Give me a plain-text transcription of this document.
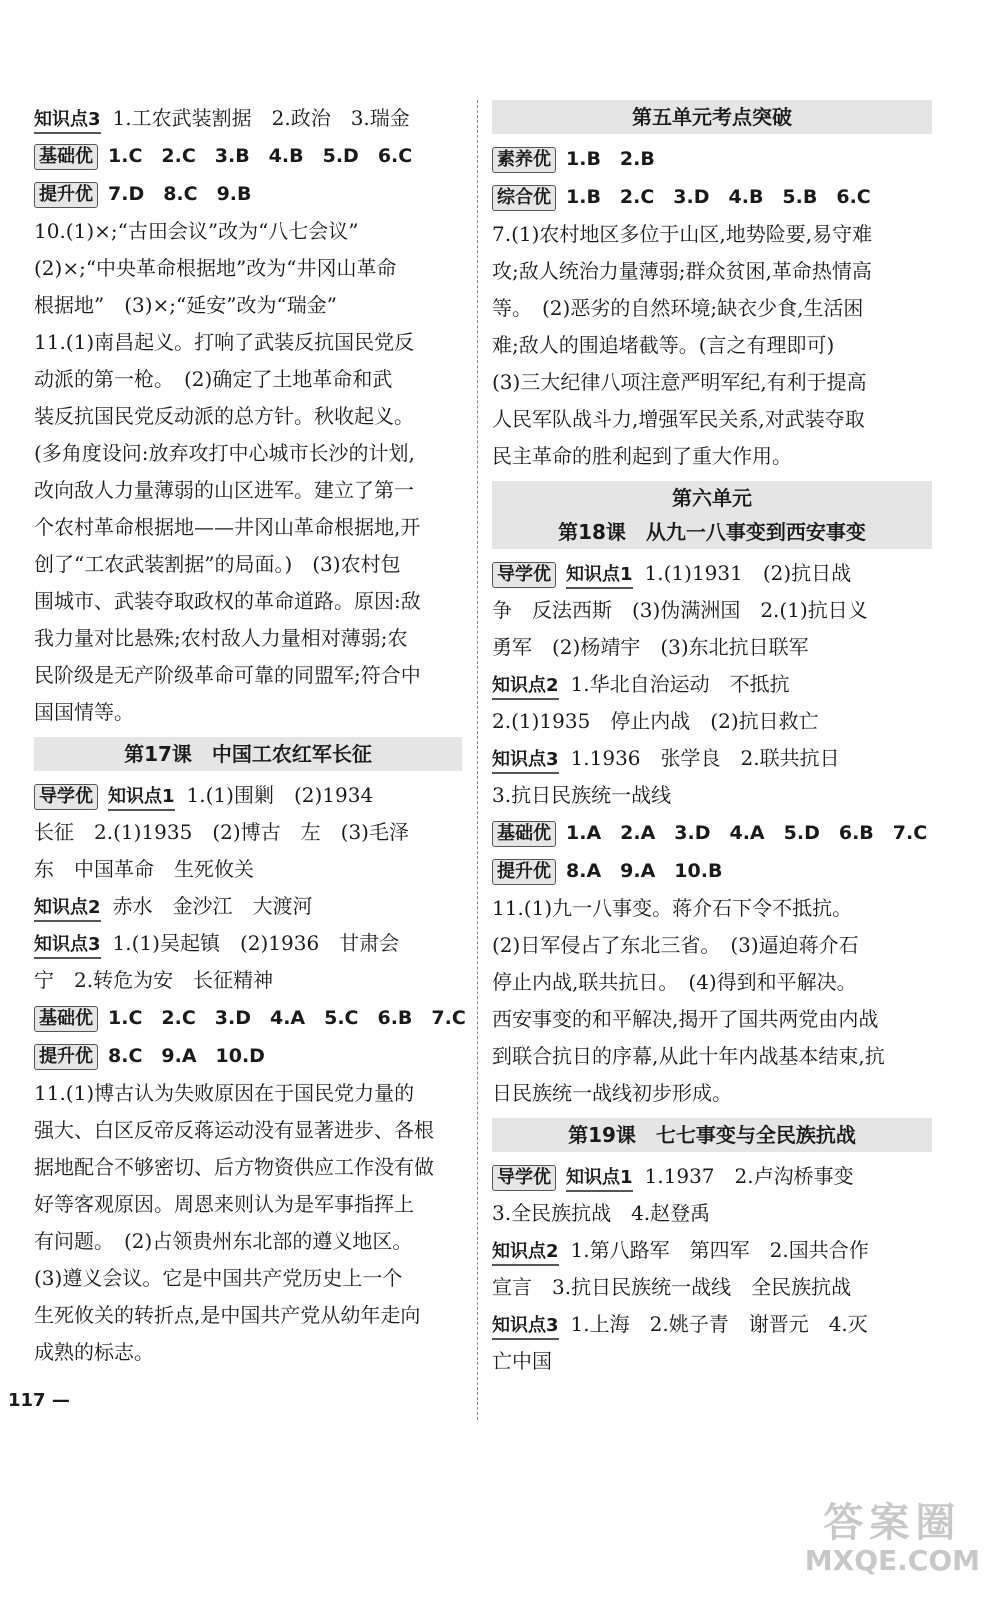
知识点3 1.工农武装割据　2.政治　3.瑞金
基础优 1.C　2.C　3.B　4.B　5.D　6.C
提升优 7.D　8.C　9.B
10.(1)×;“古田会议”改为“八七会议”
(2)×;“中央革命根据地”改为“井冈山革命
根据地”　(3)×;“延安”改为“瑞金”
11.(1)南昌起义。打响了武装反抗国民党反
动派的第一枪。　(2)确定了土地革命和武
装反抗国民党反动派的总方针。秋收起义。
(多角度设问:放弃攻打中心城市长沙的计划,
改向敌人力量薄弱的山区进军。建立了第一
个农村革命根据地——井冈山革命根据地,开
创了“工农武装割据”的局面。)　(3)农村包
围城市、武装夺取政权的革命道路。原因:敌
我力量对比悬殊;农村敌人力量相对薄弱;农
民阶级是无产阶级革命可靠的同盟军;符合中
国国情等。
第17课　中国工农红军长征
导学优 知识点1 1.(1)围剿　(2)1934
长征　2.(1)1935　(2)博古　左　(3)毛泽
东　中国革命　生死攸关
知识点2 赤水　金沙江　大渡河
知识点3 1.(1)吴起镇　(2)1936　甘肃会
宁　2.转危为安　长征精神
基础优 1.C　2.C　3.D　4.A　5.C　6.B　7.C
提升优 8.C　9.A　10.D
11.(1)博古认为失败原因在于国民党力量的
强大、白区反帝反蒋运动没有显著进步、各根
据地配合不够密切、后方物资供应工作没有做
好等客观原因。周恩来则认为是军事指挥上
有问题。　(2)占领贵州东北部的遵义地区。
(3)遵义会议。它是中国共产党历史上一个
生死攸关的转折点,是中国共产党从幼年走向
成熟的标志。
第五单元考点突破
素养优 1.B　2.B
综合优 1.B　2.C　3.D　4.B　5.B　6.C
7.(1)农村地区多位于山区,地势险要,易守难
攻;敌人统治力量薄弱;群众贫困,革命热情高
等。　(2)恶劣的自然环境;缺衣少食,生活困
难;敌人的围追堵截等。(言之有理即可)
(3)三大纪律八项注意严明军纪,有利于提高
人民军队战斗力,增强军民关系,对武装夺取
民主革命的胜利起到了重大作用。
第六单元
第18课　从九一八事变到西安事变
导学优 知识点1 1.(1)1931　(2)抗日战
争　反法西斯　(3)伪满洲国　2.(1)抗日义
勇军　(2)杨靖宇　(3)东北抗日联军
知识点2 1.华北自治运动　不抵抗
2.(1)1935　停止内战　(2)抗日救亡
知识点3 1.1936　张学良　2.联共抗日
3.抗日民族统一战线
基础优 1.A　2.A　3.D　4.A　5.D　6.B　7.C
提升优 8.A　9.A　10.B
11.(1)九一八事变。蒋介石下令不抵抗。
(2)日军侵占了东北三省。　(3)逼迫蒋介石
停止内战,联共抗日。　(4)得到和平解决。
西安事变的和平解决,揭开了国共两党由内战
到联合抗日的序幕,从此十年内战基本结束,抗
日民族统一战线初步形成。
第19课　七七事变与全民族抗战
导学优 知识点1 1.1937　2.卢沟桥事变
3.全民族抗战　4.赵登禹
知识点2 1.第八路军　第四军　2.国共合作
宣言　3.抗日民族统一战线　全民族抗战
知识点3 1.上海　2.姚子青　谢晋元　4.灭
亡中国
117 —
答案圈
MXQE.COM
